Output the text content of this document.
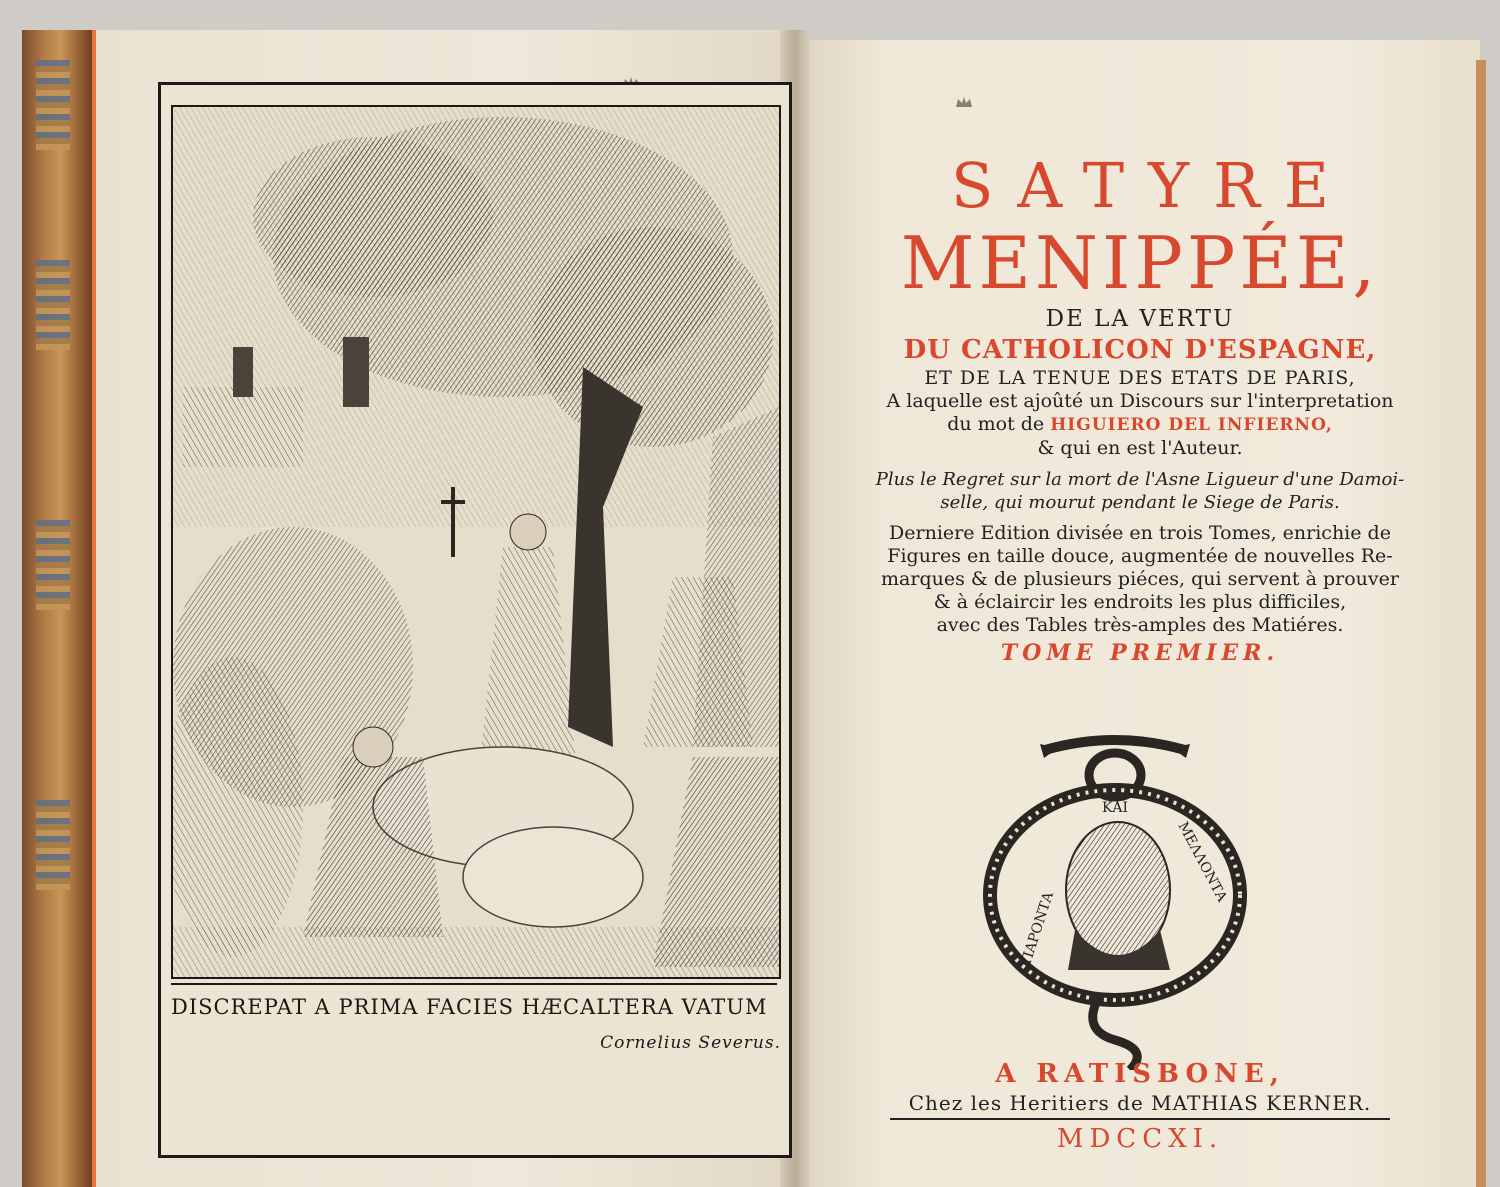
DISCREPAT A PRIMA FACIES HÆCALTERA VATUM
Cornelius Severus.
SATYRE
MENIPPÉE,
DE LA VERTU
DU CATHOLICON D'ESPAGNE,
ET DE LA TENUE DES ETATS DE PARIS,
A laquelle est ajoûté un Discours sur l'interpretation
du mot de HIGUIERO DEL INFIERNO,
& qui en est l'Auteur.
Plus le Regret sur la mort de l'Asne Ligueur d'une Damoi-
selle, qui mourut pendant le Siege de Paris.
Derniere Edition divisée en trois Tomes, enrichie de
Figures en taille douce, augmentée de nouvelles Re-
marques & de plusieurs piéces, qui servent à prouver
& à éclaircir les endroits les plus difficiles,
avec des Tables très-amples des Matiéres.
TOME PREMIER.
ΚΑΙ
ΠΑΡΟΝΤΑ
ΜΕΛΛΟΝΤΑ
A RATISBONE,
Chez les Heritiers de MATHIAS KERNER.
MDCCXI.
